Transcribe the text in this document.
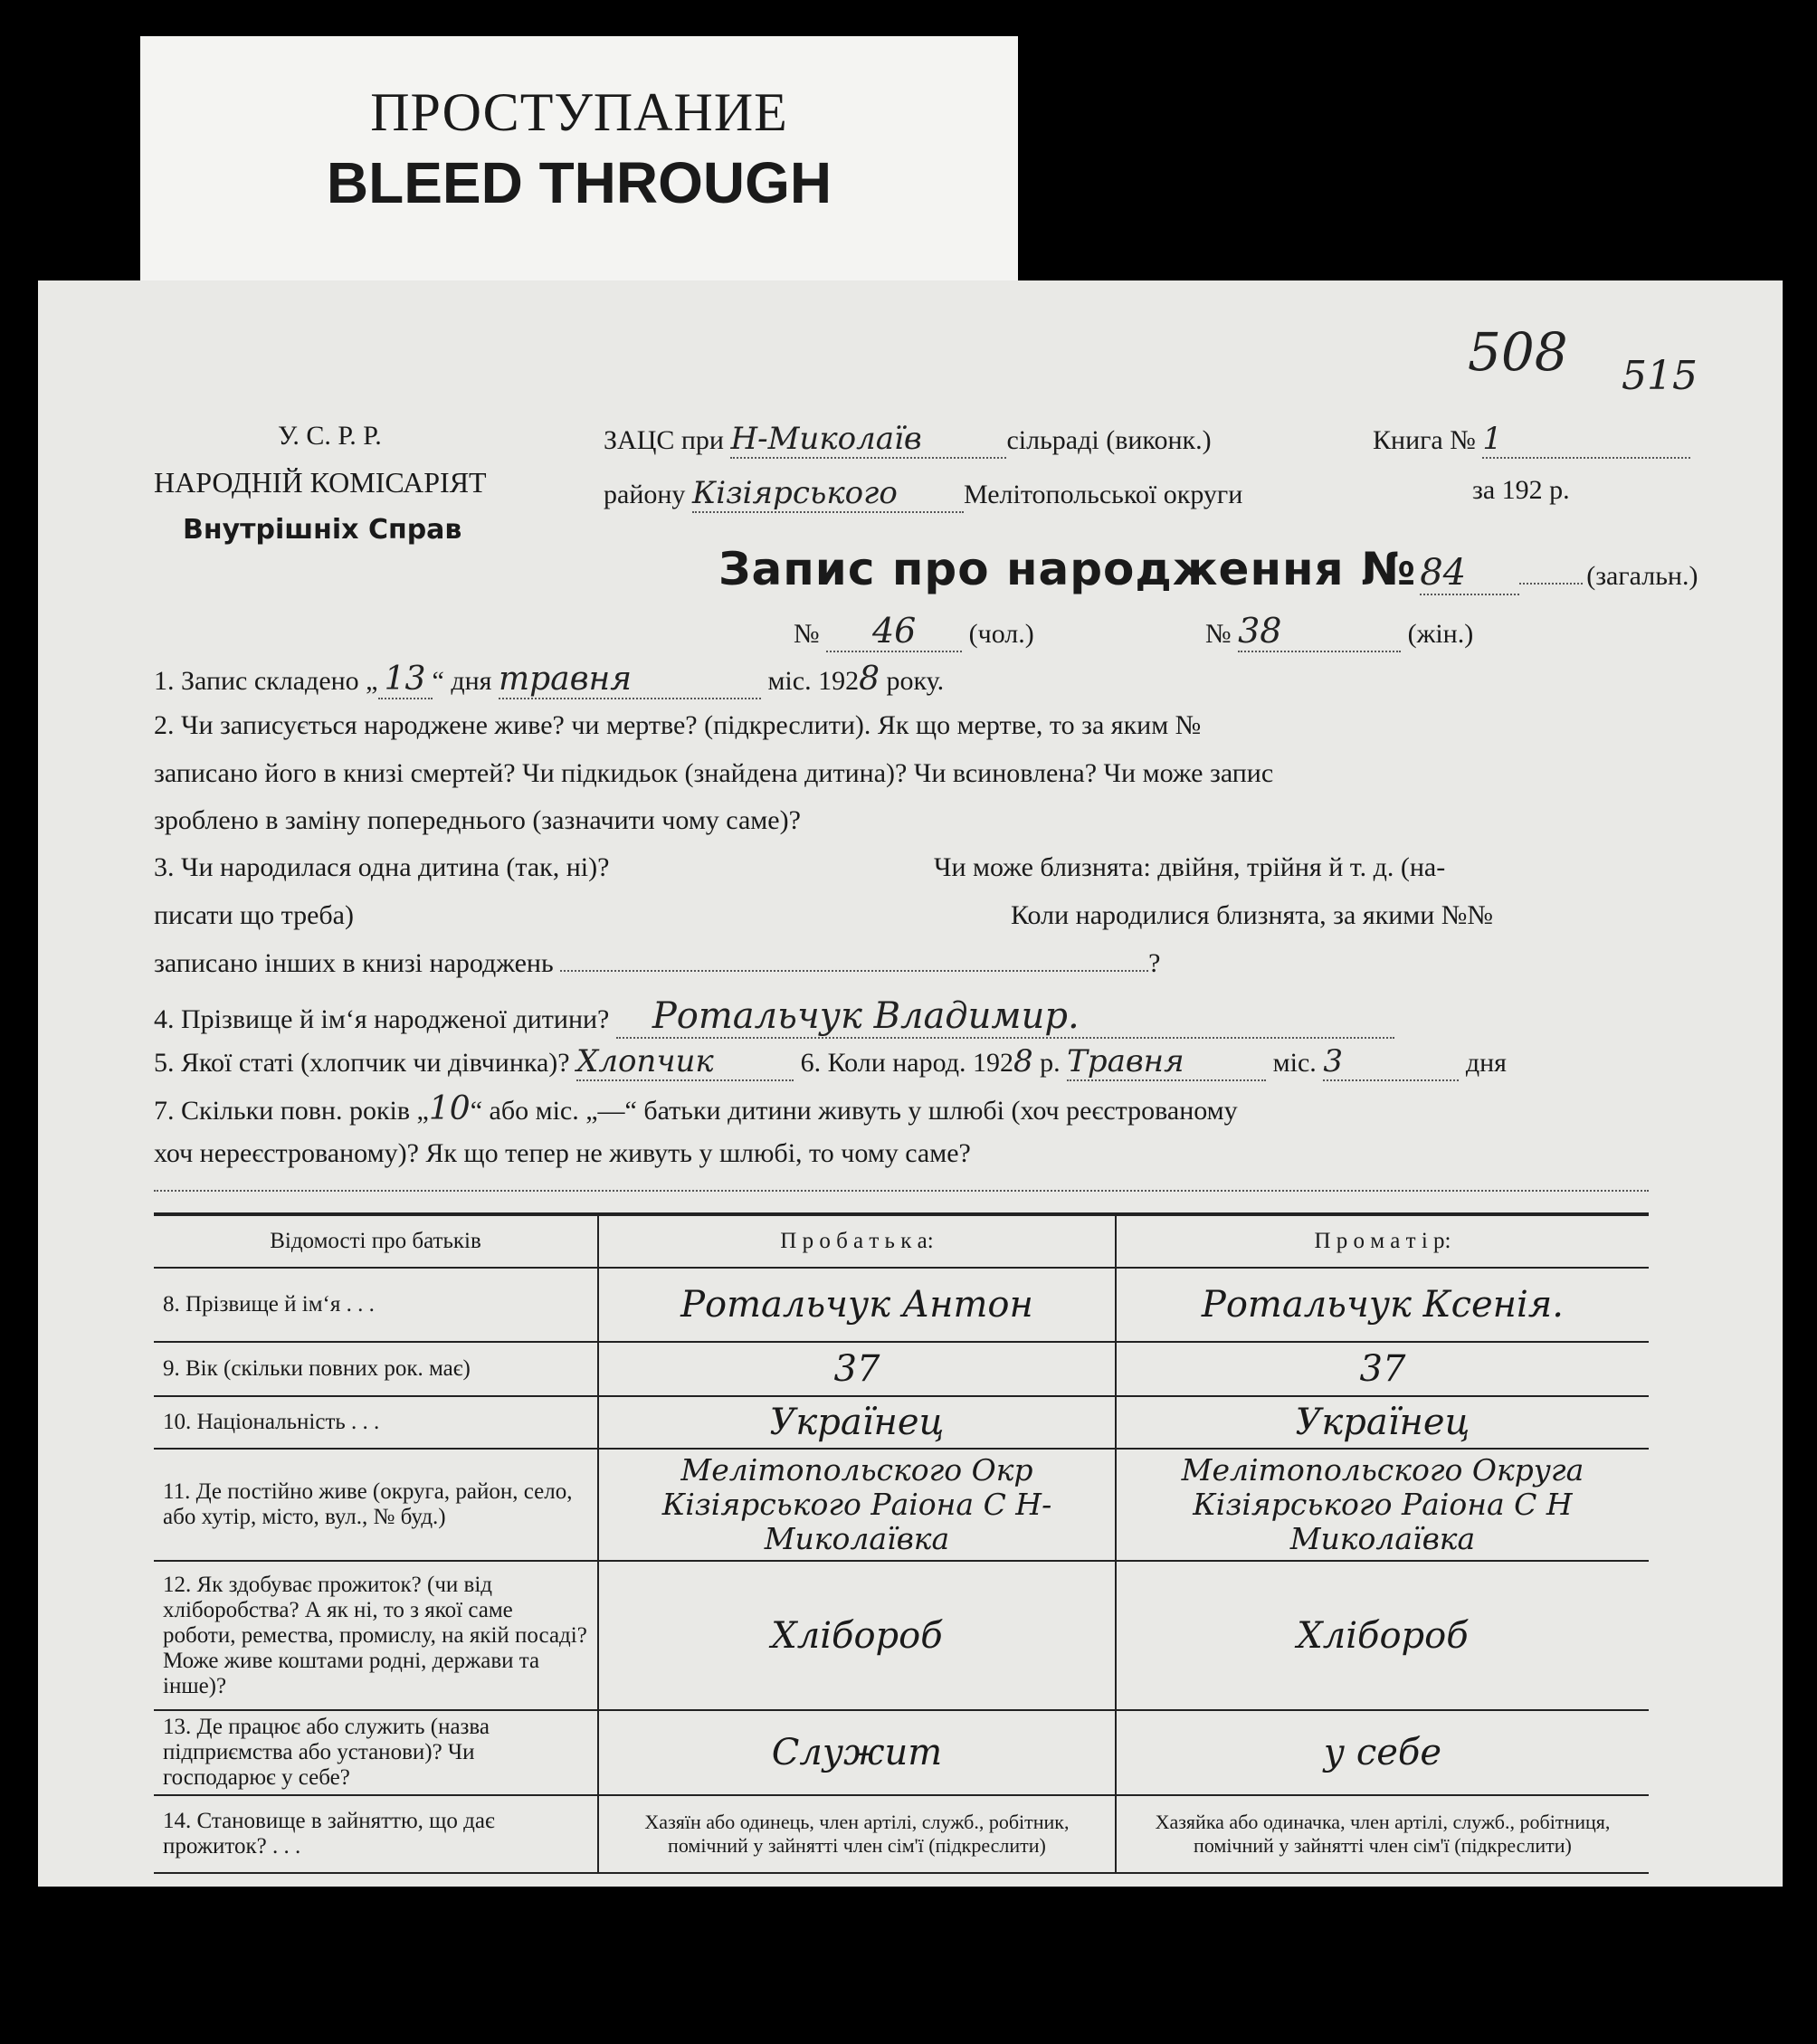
ПРОСТУПАНИЕ
BLEED THROUGH
508 515
У. С. Р. Р.
НАРОДНІЙ КОМІСАРІЯТ
Внутрішніх Справ
ЗАЦС при Н-Миколаїв	сільраді (виконк.)	Книга № 1
району Кізіярського Мелітопольської округи	за 192 р.
Запис про народження № 84	(загальн.)
№ 46 (чол.)	№ 38	(жін.)
1. Запис складено „ 13 “ дня травня	міс. 1928 року.
2. Чи записується народжене живе? чи мертве? (підкреслити). Як що мертве, то за яким №
записано його в книзі смертей? Чи підкидьок (знайдена дитина)? Чи всиновлена? Чи може запис
зроблено в заміну попереднього (зазначити чому саме)?
3. Чи народилася одна дитина (так, ні)?	Чи може близнята: двійня, трійня й т. д. (на-
писати що треба)	Коли народилися близнята, за якими №№
записано інших в книзі народжень	?
4. Прізвище й ім‘я народженої дитини? Ротальчук Владимир.
5. Якої статі (хлопчик чи дівчинка)? Хлопчик	6. Коли народ. 1928 р. Травня	міс. 3	дня
7. Скільки повн. років „10“ або міс. „—“ батьки дитини живуть у шлюбі (хоч реєстрованому
хоч нереєстрованому)? Як що тепер не живуть у шлюбі, то чому саме?
Відомості про батьків	П р о б а т ь к а:	П р о м а т і р:
8. Прізвище й ім‘я . . .	Ротальчук Антон	Ротальчук Ксенія.
9. Вік (скільки повних рок. має)	37	37
10. Національність . . .	Українец	Українец
11. Де постійно живе (округа, район, село, або хутір, місто, вул., № буд.)	Мелітопольского Окр Кізіярського Раіона С Н-Миколаївка	Мелітопольского Округа Кізіярського Раіона С Н Миколаївка
12. Як здобуває прожиток? (чи від хліборобства? А як ні, то з якої саме роботи, ремества, промислу, на якій посаді? Може живе коштами родні, держави та інше)?	Хлібороб	Хлібороб
13. Де працює або служить (назва підприємства або установи)? Чи господарює у себе?	Служит	у себе
14. Становище в зайняттю, що дає прожиток? . . .	Хазяїн або одинець, член артілі, служб., робітник, помічний у зайнятті член сім'ї (підкреслити)	Хазяйка або одиначка, член артілі, служб., робітниця, помічний у зайнятті член сім'ї (підкреслити)
